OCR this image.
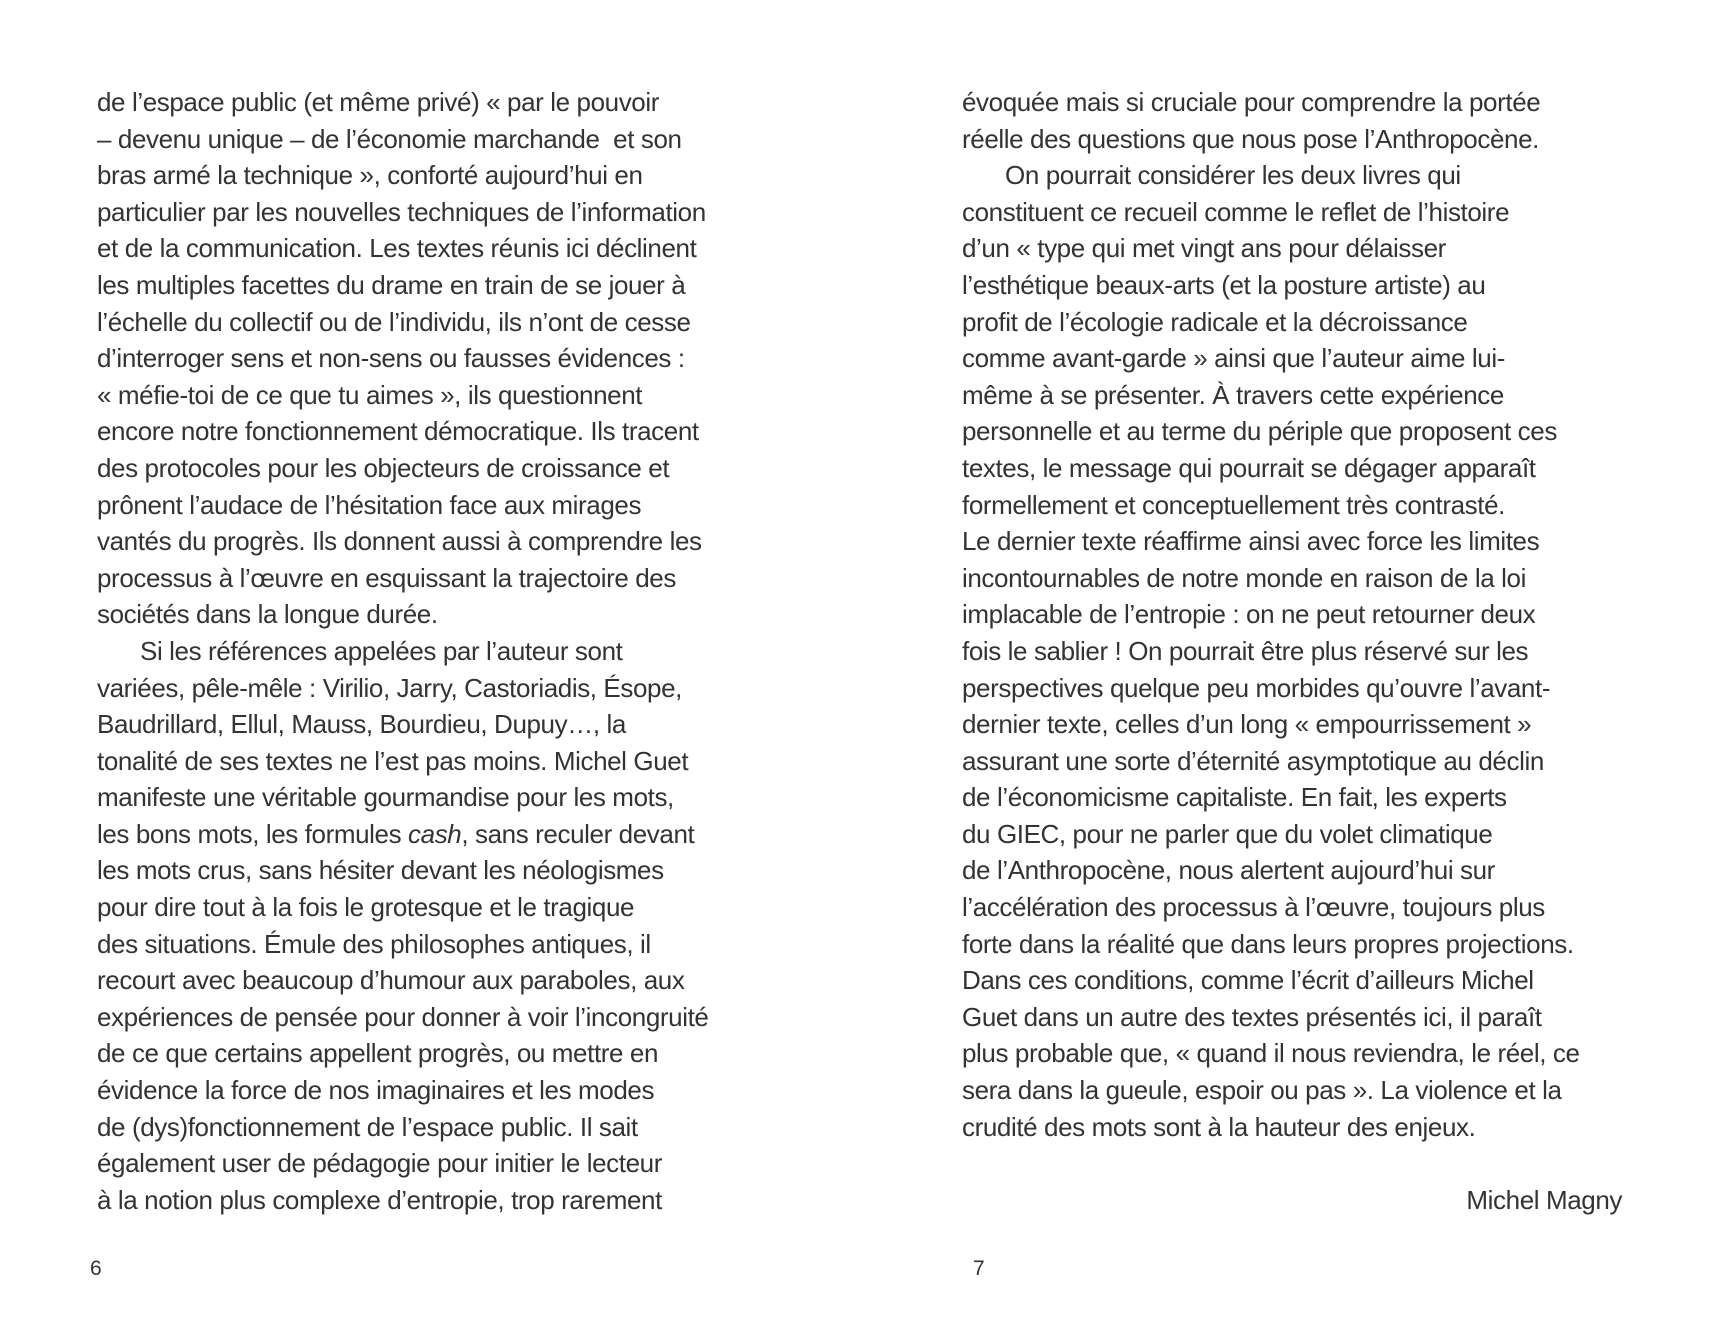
de l’espace public (et même privé) « par le pouvoir
– devenu unique – de l’économie marchande  et son
bras armé la technique », conforté aujourd’hui en
particulier par les nouvelles techniques de l’information
et de la communication. Les textes réunis ici déclinent
les multiples facettes du drame en train de se jouer à
l’échelle du collectif ou de l’individu, ils n’ont de cesse
d’interroger sens et non-sens ou fausses évidences :
« méfie-toi de ce que tu aimes », ils questionnent
encore notre fonctionnement démocratique. Ils tracent
des protocoles pour les objecteurs de croissance et
prônent l’audace de l’hésitation face aux mirages
vantés du progrès. Ils donnent aussi à comprendre les
processus à l’œuvre en esquissant la trajectoire des
sociétés dans la longue durée.
Si les références appelées par l’auteur sont
variées, pêle-mêle : Virilio, Jarry, Castoriadis, Ésope,
Baudrillard, Ellul, Mauss, Bourdieu, Dupuy…, la
tonalité de ses textes ne l’est pas moins. Michel Guet
manifeste une véritable gourmandise pour les mots,
les bons mots, les formules cash, sans reculer devant
les mots crus, sans hésiter devant les néologismes
pour dire tout à la fois le grotesque et le tragique
des situations. Émule des philosophes antiques, il
recourt avec beaucoup d’humour aux paraboles, aux
expériences de pensée pour donner à voir l’incongruité
de ce que certains appellent progrès, ou mettre en
évidence la force de nos imaginaires et les modes
de (dys)fonctionnement de l’espace public. Il sait
également user de pédagogie pour initier le lecteur
à la notion plus complexe d’entropie, trop rarement
évoquée mais si cruciale pour comprendre la portée
réelle des questions que nous pose l’Anthropocène.
On pourrait considérer les deux livres qui
constituent ce recueil comme le reflet de l’histoire
d’un « type qui met vingt ans pour délaisser
l’esthétique beaux-arts (et la posture artiste) au
profit de l’écologie radicale et la décroissance
comme avant-garde » ainsi que l’auteur aime lui-
même à se présenter. À travers cette expérience
personnelle et au terme du périple que proposent ces
textes, le message qui pourrait se dégager apparaît
formellement et conceptuellement très contrasté.
Le dernier texte réaffirme ainsi avec force les limites
incontournables de notre monde en raison de la loi
implacable de l’entropie : on ne peut retourner deux
fois le sablier ! On pourrait être plus réservé sur les
perspectives quelque peu morbides qu’ouvre l’avant-
dernier texte, celles d’un long « empourrissement »
assurant une sorte d’éternité asymptotique au déclin
de l’économicisme capitaliste. En fait, les experts
du GIEC, pour ne parler que du volet climatique
de l’Anthropocène, nous alertent aujourd’hui sur
l’accélération des processus à l’œuvre, toujours plus
forte dans la réalité que dans leurs propres projections.
Dans ces conditions, comme l’écrit d’ailleurs Michel
Guet dans un autre des textes présentés ici, il paraît
plus probable que, « quand il nous reviendra, le réel, ce
sera dans la gueule, espoir ou pas ». La violence et la
crudité des mots sont à la hauteur des enjeux.
Michel Magny
6	7
